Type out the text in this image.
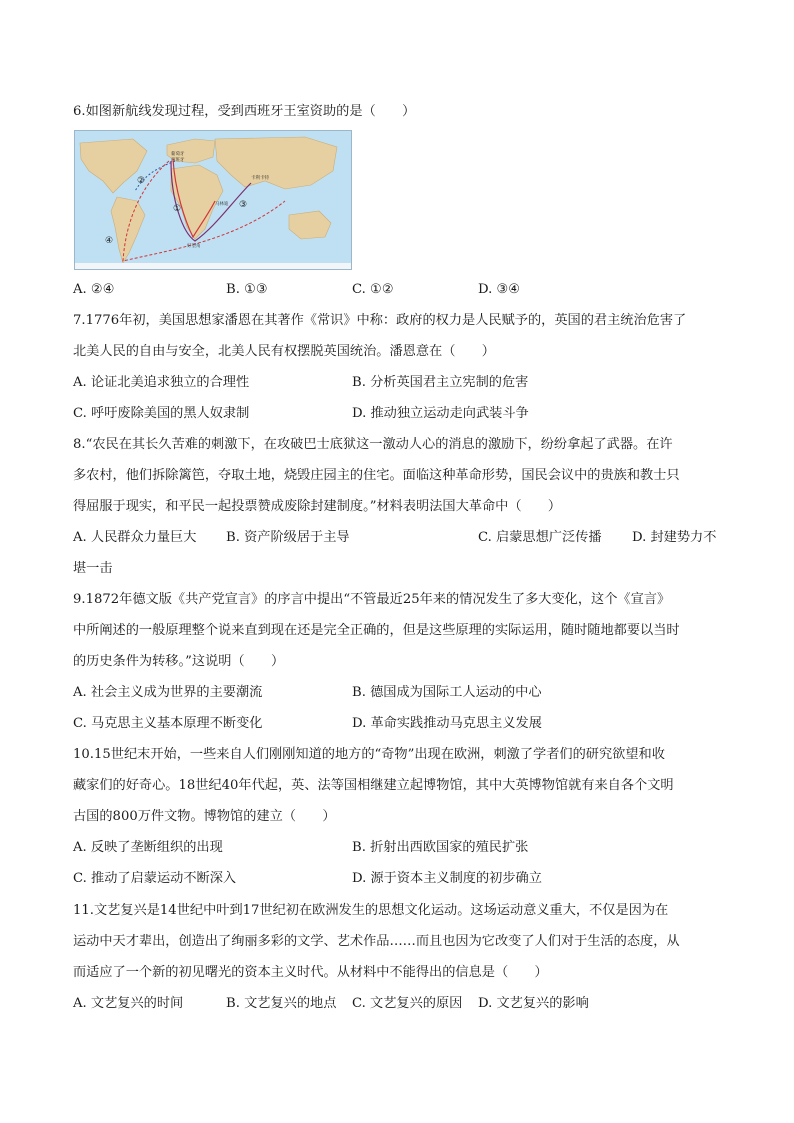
6.如图新航线发现过程，受到西班牙王室资助的是（　　）
葡萄牙
西班牙
卡利卡特
好望角
马林迪
①
②
③
④
A. ②④	B. ①③	C. ①②	D. ③④
7.1776年初，美国思想家潘恩在其著作《常识》中称：政府的权力是人民赋予的，英国的君主统治危害了
北美人民的自由与安全，北美人民有权摆脱英国统治。潘恩意在（　　）
A. 论证北美追求独立的合理性	B. 分析英国君主立宪制的危害
C. 呼吁废除美国的黑人奴隶制	D. 推动独立运动走向武装斗争
8.“农民在其长久苦难的刺激下，在攻破巴士底狱这一激动人心的消息的激励下，纷纷拿起了武器。在许
多农村，他们拆除篱笆，夺取土地，烧毁庄园主的住宅。面临这种革命形势，国民会议中的贵族和教士只
得屈服于现实，和平民一起投票赞成废除封建制度。”材料表明法国大革命中（　　）
A. 人民群众力量巨大 B. 资产阶级居于主导	C. 启蒙思想广泛传播 D. 封建势力不
堪一击
9.1872年德文版《共产党宣言》的序言中提出“不管最近25年来的情况发生了多大变化，这个《宣言》
中所阐述的一般原理整个说来直到现在还是完全正确的，但是这些原理的实际运用，随时随地都要以当时
的历史条件为转移。”这说明（　　）
A. 社会主义成为世界的主要潮流	B. 德国成为国际工人运动的中心
C. 马克思主义基本原理不断变化	D. 革命实践推动马克思主义发展
10.15世纪末开始，一些来自人们刚刚知道的地方的“奇物”出现在欧洲，刺激了学者们的研究欲望和收
藏家们的好奇心。18世纪40年代起，英、法等国相继建立起博物馆，其中大英博物馆就有来自各个文明
古国的800万件文物。博物馆的建立（　　）
A. 反映了垄断组织的出现	B. 折射出西欧国家的殖民扩张
C. 推动了启蒙运动不断深入	D. 源于资本主义制度的初步确立
11.文艺复兴是14世纪中叶到17世纪初在欧洲发生的思想文化运动。这场运动意义重大，不仅是因为在
运动中天才辈出，创造出了绚丽多彩的文学、艺术作品……而且也因为它改变了人们对于生活的态度，从
而适应了一个新的初见曙光的资本主义时代。从材料中不能得出的信息是（　　）
A. 文艺复兴的时间	B. 文艺复兴的地点 C. 文艺复兴的原因 D. 文艺复兴的影响
